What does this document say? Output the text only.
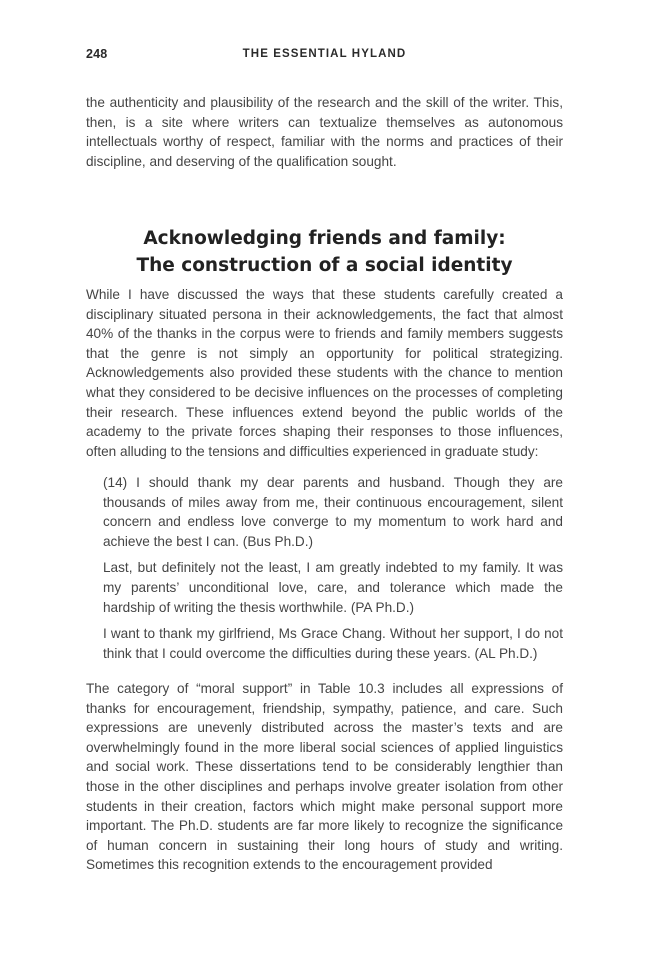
248	THE ESSENTIAL HYLAND

the authenticity and plausibility of the research and the skill of the writer. This, then, is a site where writers can textualize themselves as autonomous intellectuals worthy of respect, familiar with the norms and practices of their discipline, and deserving of the qualification sought.

Acknowledging friends and family:
The construction of a social identity

While I have discussed the ways that these students carefully created a disciplinary situated persona in their acknowledgements, the fact that almost 40% of the thanks in the corpus were to friends and family members suggests that the genre is not simply an opportunity for political strategizing. Acknowledgements also provided these students with the chance to mention what they considered to be decisive influences on the processes of completing their research. These influences extend beyond the public worlds of the academy to the private forces shaping their responses to those influences, often alluding to the tensions and difficulties experienced in graduate study:

(14) I should thank my dear parents and husband. Though they are thousands of miles away from me, their continuous encouragement, silent concern and endless love converge to my momentum to work hard and achieve the best I can. (Bus Ph.D.)

Last, but definitely not the least, I am greatly indebted to my family. It was my parents’ unconditional love, care, and tolerance which made the hardship of writing the thesis worthwhile. (PA Ph.D.)

I want to thank my girlfriend, Ms Grace Chang. Without her support, I do not think that I could overcome the difficulties during these years. (AL Ph.D.)

The category of “moral support” in Table 10.3 includes all expressions of thanks for encouragement, friendship, sympathy, patience, and care. Such expressions are unevenly distributed across the master’s texts and are overwhelmingly found in the more liberal social sciences of applied linguistics and social work. These dissertations tend to be considerably lengthier than those in the other disciplines and perhaps involve greater isolation from other students in their creation, factors which might make personal support more important. The Ph.D. students are far more likely to recognize the significance of human concern in sustaining their long hours of study and writing. Sometimes this recognition extends to the encouragement provided
